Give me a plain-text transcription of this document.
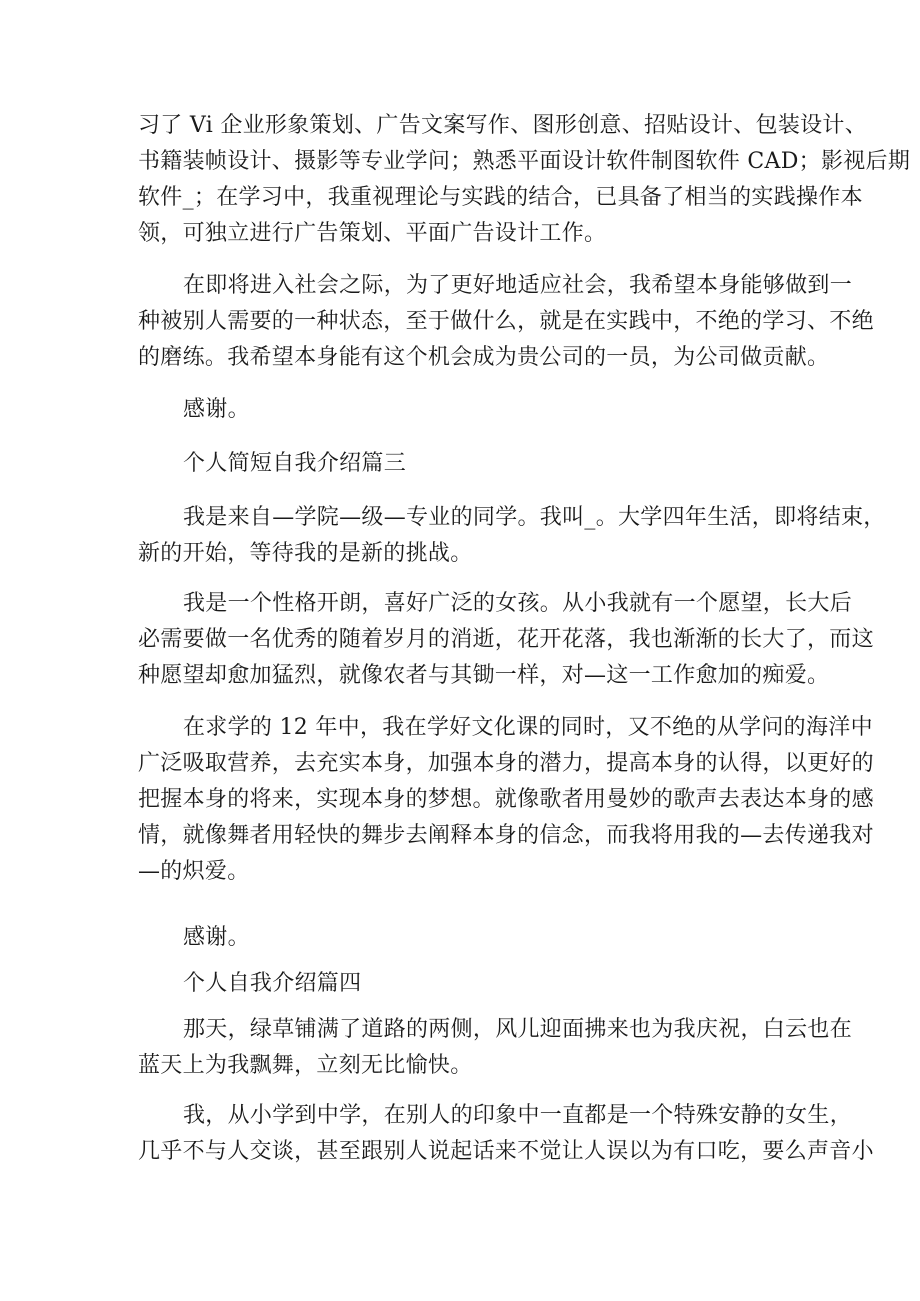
习了 Vi 企业形象策划、广告文案写作、图形创意、招贴设计、包装设计、
书籍装帧设计、摄影等专业学问；熟悉平面设计软件制图软件 CAD；影视后期
软件_；在学习中，我重视理论与实践的结合，已具备了相当的实践操作本
领，可独立进行广告策划、平面广告设计工作。

在即将进入社会之际，为了更好地适应社会，我希望本身能够做到一
种被别人需要的一种状态，至于做什么，就是在实践中，不绝的学习、不绝
的磨练。我希望本身能有这个机会成为贵公司的一员，为公司做贡献。

感谢。

个人简短自我介绍篇三

我是来自—学院—级—专业的同学。我叫_。大学四年生活，即将结束，
新的开始，等待我的是新的挑战。

我是一个性格开朗，喜好广泛的女孩。从小我就有一个愿望，长大后
必需要做一名优秀的随着岁月的消逝，花开花落，我也渐渐的长大了，而这
种愿望却愈加猛烈，就像农者与其锄一样，对—这一工作愈加的痴爱。

在求学的 12 年中，我在学好文化课的同时，又不绝的从学问的海洋中
广泛吸取营养，去充实本身，加强本身的潜力，提高本身的认得，以更好的
把握本身的将来，实现本身的梦想。就像歌者用曼妙的歌声去表达本身的感
情，就像舞者用轻快的舞步去阐释本身的信念，而我将用我的—去传递我对
—的炽爱。

感谢。

个人自我介绍篇四

那天，绿草铺满了道路的两侧，风儿迎面拂来也为我庆祝，白云也在
蓝天上为我飘舞，立刻无比愉快。

我，从小学到中学，在别人的印象中一直都是一个特殊安静的女生，
几乎不与人交谈，甚至跟别人说起话来不觉让人误以为有口吃，要么声音小
